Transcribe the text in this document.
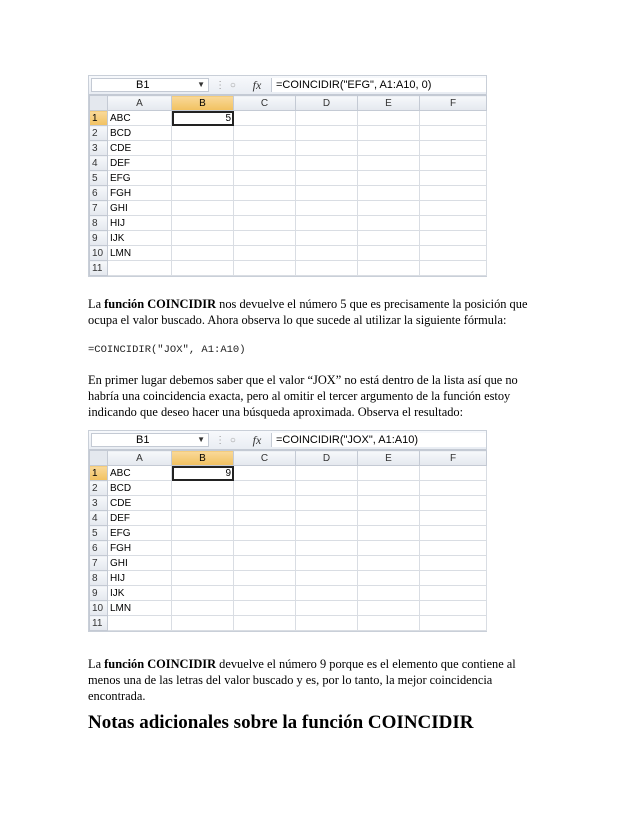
B1	▼	⋮ ○	fx	=COINCIDIR("EFG", A1:A10, 0)
	A	B	C	D	E	F
1	ABC	5				
2	BCD					
3	CDE					
4	DEF					
5	EFG					
6	FGH					
7	GHI					
8	HIJ					
9	IJK					
10	LMN					
11						

La función COINCIDIR nos devuelve el número 5 que es precisamente la posición que ocupa el valor buscado. Ahora observa lo que sucede al utilizar la siguiente fórmula:

=COINCIDIR("JOX", A1:A10)

En primer lugar debemos saber que el valor “JOX” no está dentro de la lista así que no habría una coincidencia exacta, pero al omitir el tercer argumento de la función estoy indicando que deseo hacer una búsqueda aproximada. Observa el resultado:

B1	▼	⋮ ○	fx	=COINCIDIR("JOX", A1:A10)
	A	B	C	D	E	F
1	ABC	9				
2	BCD					
3	CDE					
4	DEF					
5	EFG					
6	FGH					
7	GHI					
8	HIJ					
9	IJK					
10	LMN					
11						

La función COINCIDIR devuelve el número 9 porque es el elemento que contiene al menos una de las letras del valor buscado y es, por lo tanto, la mejor coincidencia encontrada.

Notas adicionales sobre la función COINCIDIR
